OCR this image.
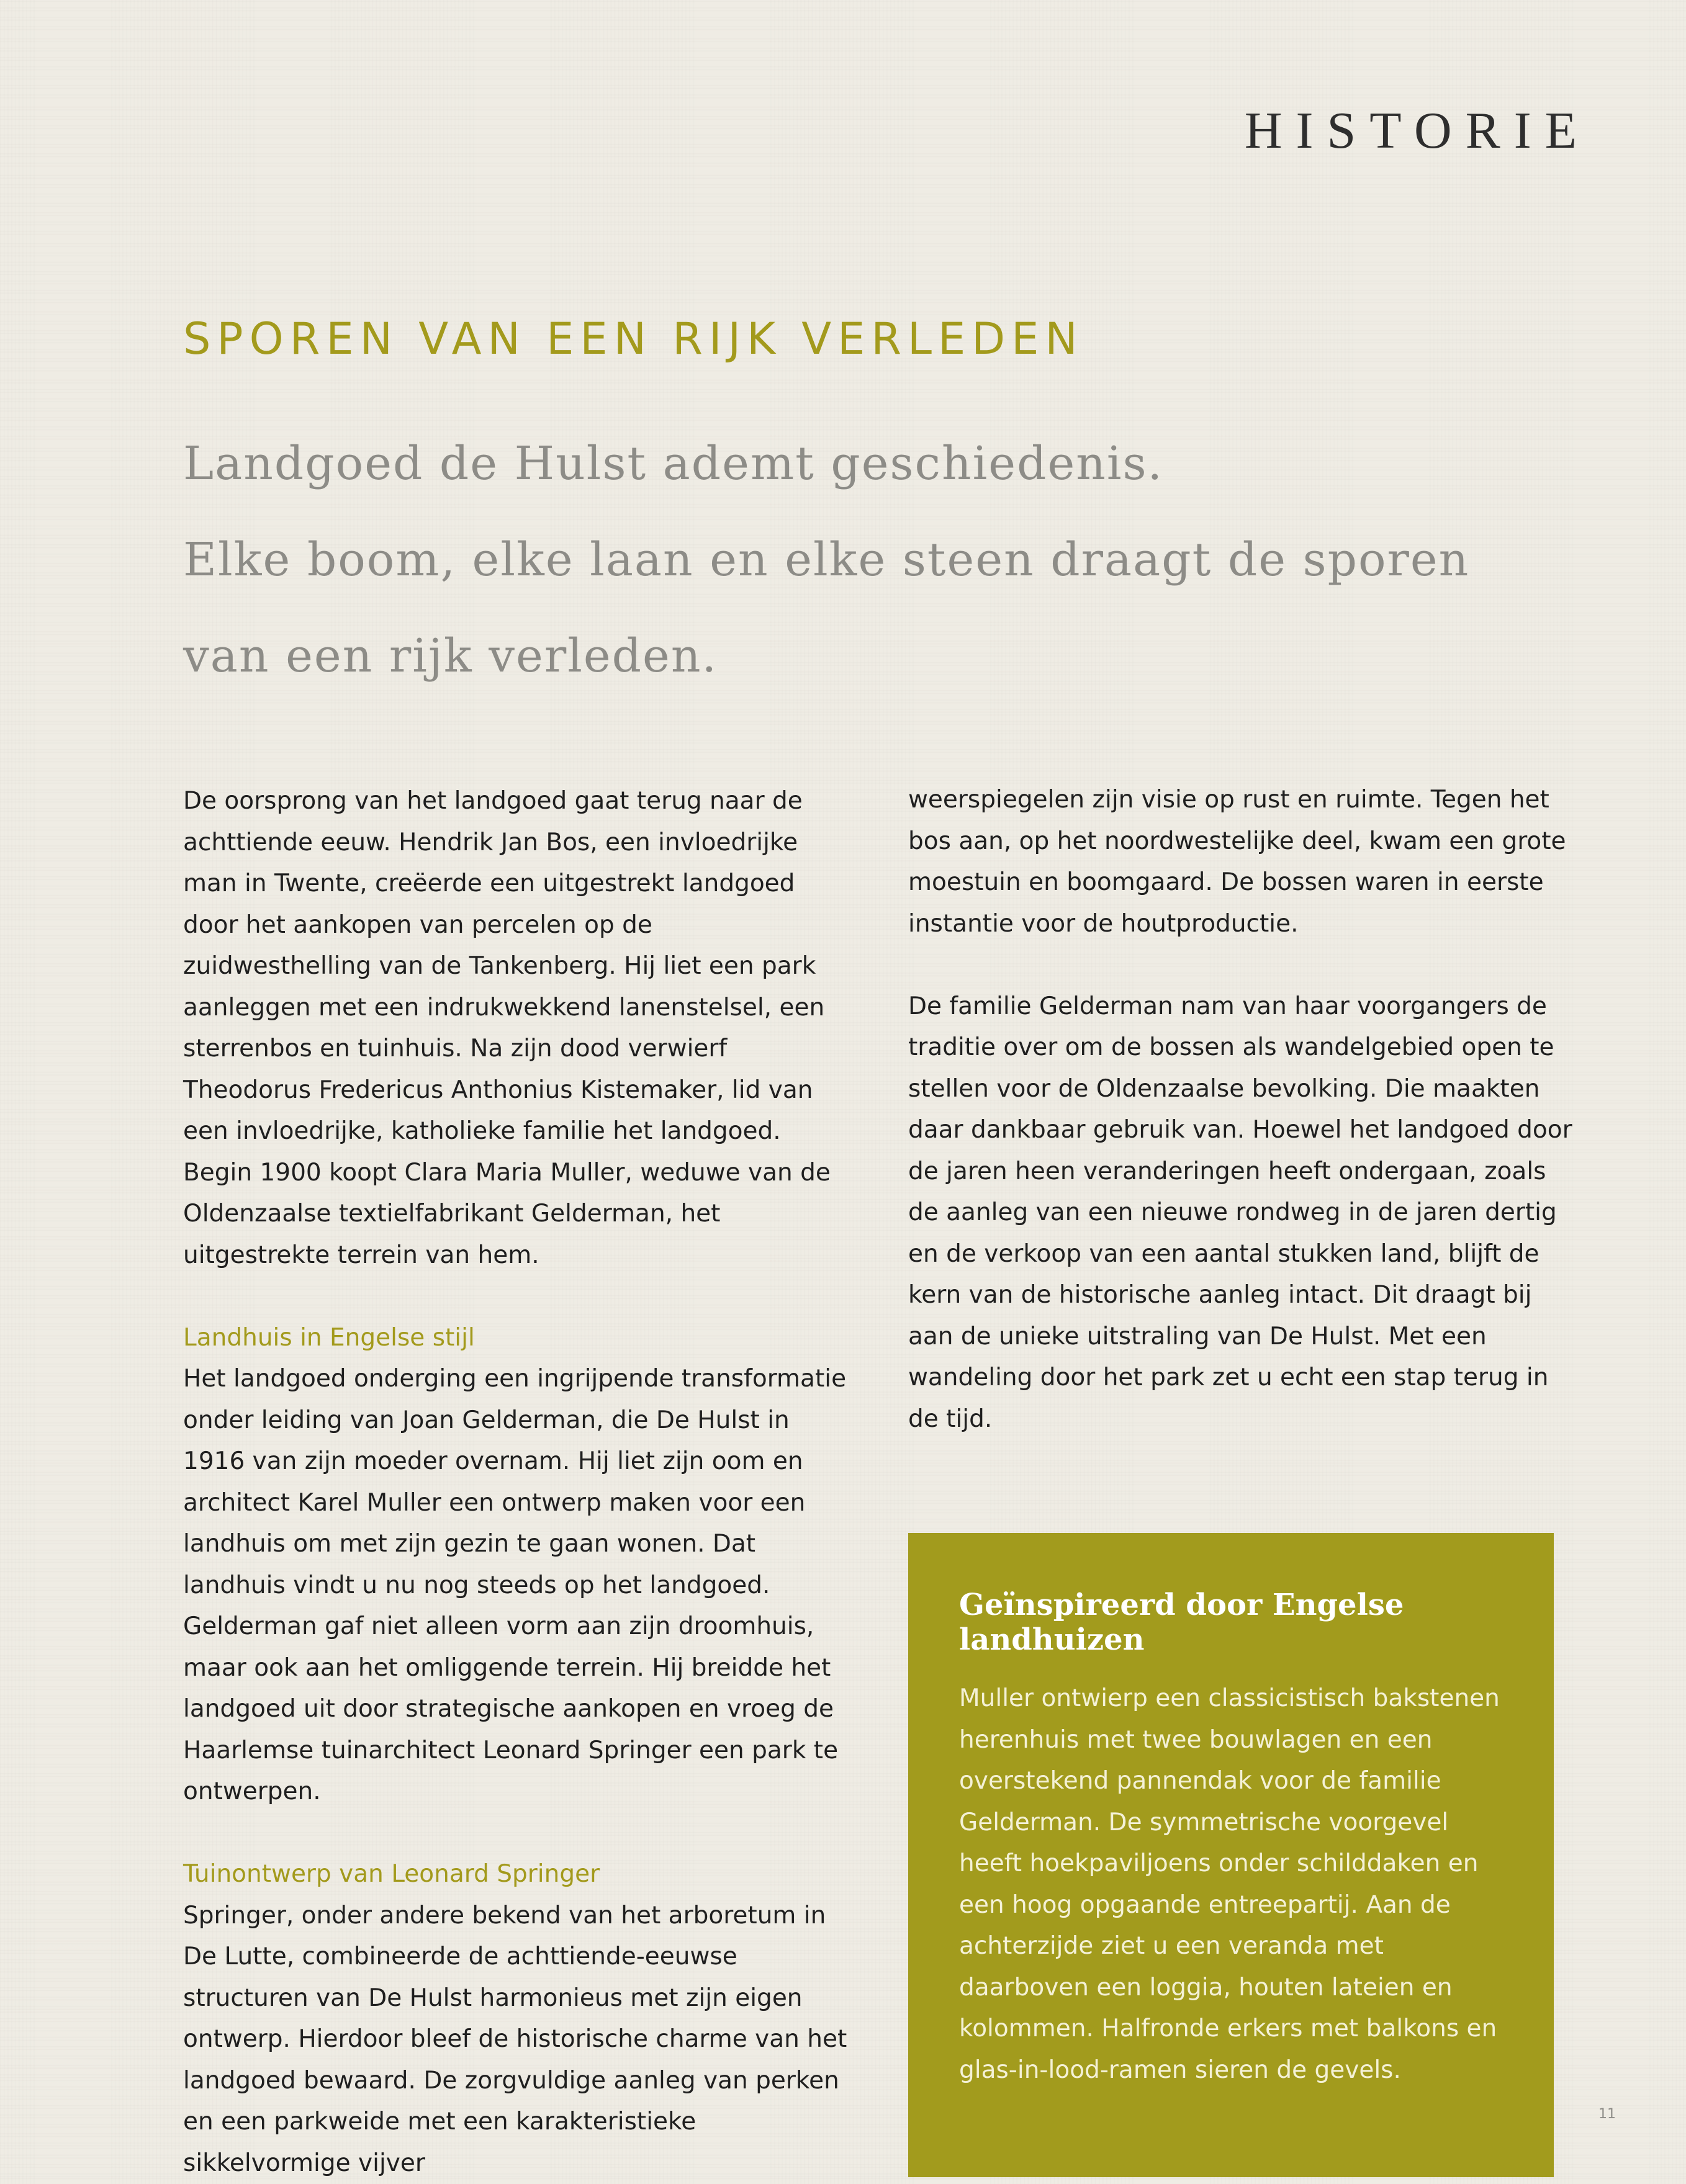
HISTORIE
SPOREN VAN EEN RIJK VERLEDEN

Landgoed de Hulst ademt geschiedenis.
Elke boom, elke laan en elke steen draagt de sporen
van een rijk verleden.

De oorsprong van het landgoed gaat terug naar de achttiende eeuw. Hendrik Jan Bos, een invloedrijke man in Twente, creëerde een uitgestrekt landgoed door het aankopen van percelen op de zuidwesthelling van de Tankenberg. Hij liet een park aanleggen met een indrukwekkend lanenstelsel, een sterrenbos en tuinhuis. Na zijn dood verwierf Theodorus Fredericus Anthonius Kistemaker, lid van een invloedrijke, katholieke familie het landgoed. Begin 1900 koopt Clara Maria Muller, weduwe van de Oldenzaalse textielfabrikant Gelderman, het uitgestrekte terrein van hem.

Landhuis in Engelse stijl

Het landgoed onderging een ingrijpende transformatie onder leiding van Joan Gelderman, die De Hulst in 1916 van zijn moeder overnam. Hij liet zijn oom en architect Karel Muller een ontwerp maken voor een landhuis om met zijn gezin te gaan wonen. Dat landhuis vindt u nu nog steeds op het landgoed. Gelderman gaf niet alleen vorm aan zijn droomhuis, maar ook aan het omliggende terrein. Hij breidde het landgoed uit door strategische aankopen en vroeg de Haarlemse tuinarchitect Leonard Springer een park te ontwerpen.

Tuinontwerp van Leonard Springer

Springer, onder andere bekend van het arboretum in De Lutte, combineerde de achttiende-eeuwse structuren van De Hulst harmonieus met zijn eigen ontwerp. Hierdoor bleef de historische charme van het landgoed bewaard. De zorgvuldige aanleg van perken en een parkweide met een karakteristieke sikkelvormige vijver

weerspiegelen zijn visie op rust en ruimte. Tegen het bos aan, op het noordwestelijke deel, kwam een grote moestuin en boomgaard. De bossen waren in eerste instantie voor de houtproductie.

De familie Gelderman nam van haar voorgangers de traditie over om de bossen als wandelgebied open te stellen voor de Oldenzaalse bevolking. Die maakten daar dankbaar gebruik van. Hoewel het landgoed door de jaren heen veranderingen heeft ondergaan, zoals de aanleg van een nieuwe rondweg in de jaren dertig en de verkoop van een aantal stukken land, blijft de kern van de historische aanleg intact. Dit draagt bij aan de unieke uitstraling van De Hulst. Met een wandeling door het park zet u echt een stap terug in de tijd.

Geïnspireerd door Engelse landhuizen

Muller ontwierp een classicistisch bakstenen herenhuis met twee bouwlagen en een overstekend pannendak voor de familie Gelderman. De symmetrische voorgevel heeft hoekpaviljoens onder schilddaken en een hoog opgaande entreepartij. Aan de achterzijde ziet u een veranda met daarboven een loggia, houten lateien en kolommen. Halfronde erkers met balkons en glas-in-lood-ramen sieren de gevels.

11
